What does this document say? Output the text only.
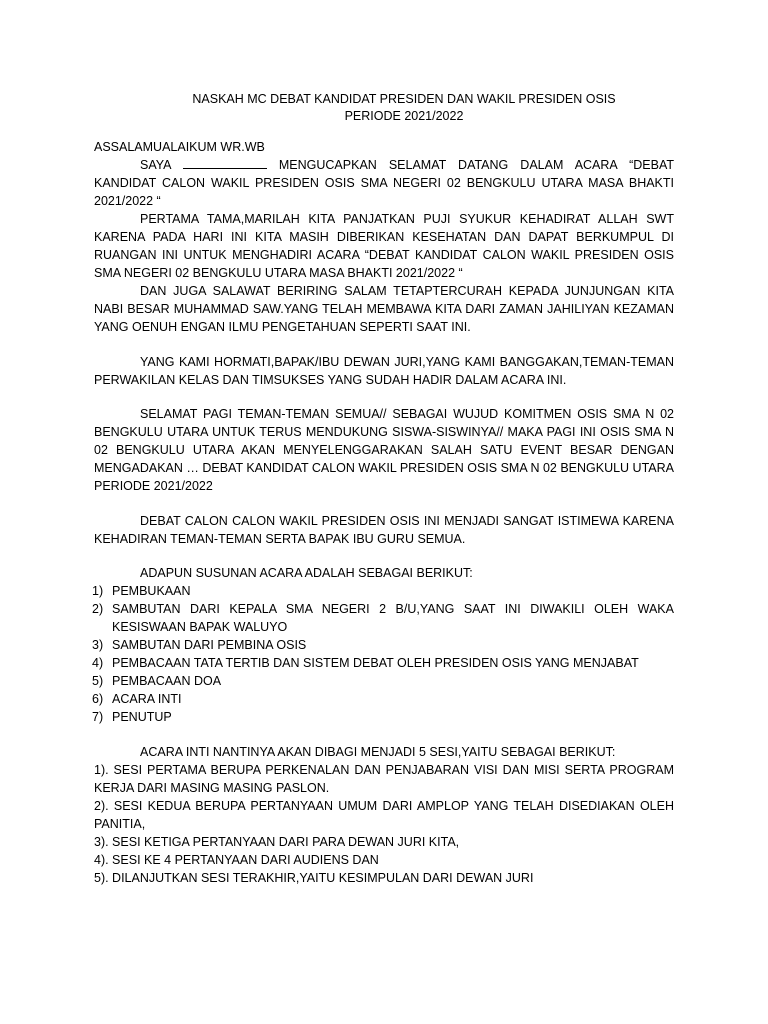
NASKAH MC DEBAT KANDIDAT PRESIDEN DAN WAKIL PRESIDEN OSIS
PERIODE 2021/2022

ASSALAMUALAIKUM WR.WB

SAYA	MENGUCAPKAN SELAMAT DATANG DALAM ACARA “DEBAT KANDIDAT CALON WAKIL PRESIDEN OSIS SMA NEGERI 02 BENGKULU UTARA MASA BHAKTI 2021/2022 “

PERTAMA TAMA,MARILAH KITA PANJATKAN PUJI SYUKUR KEHADIRAT ALLAH SWT KARENA PADA HARI INI KITA MASIH DIBERIKAN KESEHATAN DAN DAPAT BERKUMPUL DI RUANGAN INI UNTUK MENGHADIRI ACARA “DEBAT KANDIDAT CALON WAKIL PRESIDEN OSIS SMA NEGERI 02 BENGKULU UTARA MASA BHAKTI 2021/2022 “

DAN JUGA SALAWAT BERIRING SALAM TETAPTERCURAH KEPADA JUNJUNGAN KITA NABI BESAR MUHAMMAD SAW.YANG TELAH MEMBAWA KITA DARI ZAMAN JAHILIYAN KEZAMAN YANG OENUH ENGAN ILMU PENGETAHUAN SEPERTI SAAT INI.

YANG KAMI HORMATI,BAPAK/IBU DEWAN JURI,YANG KAMI BANGGAKAN,TEMAN-TEMAN PERWAKILAN KELAS DAN TIMSUKSES YANG SUDAH HADIR DALAM ACARA INI.

SELAMAT PAGI TEMAN-TEMAN SEMUA// SEBAGAI WUJUD KOMITMEN OSIS SMA N 02 BENGKULU UTARA UNTUK TERUS MENDUKUNG SISWA-SISWINYA// MAKA PAGI INI OSIS SMA N 02 BENGKULU UTARA AKAN MENYELENGGARAKAN SALAH SATU EVENT BESAR DENGAN MENGADAKAN … DEBAT KANDIDAT CALON WAKIL PRESIDEN OSIS SMA N 02 BENGKULU UTARA PERIODE 2021/2022

DEBAT CALON CALON WAKIL PRESIDEN OSIS INI MENJADI SANGAT ISTIMEWA KARENA KEHADIRAN TEMAN-TEMAN SERTA BAPAK IBU GURU SEMUA.

ADAPUN SUSUNAN ACARA ADALAH SEBAGAI BERIKUT:

1) PEMBUKAAN
2) SAMBUTAN DARI KEPALA SMA NEGERI 2 B/U,YANG SAAT INI DIWAKILI OLEH WAKA KESISWAAN BAPAK WALUYO
3) SAMBUTAN DARI PEMBINA OSIS
4) PEMBACAAN TATA TERTIB DAN SISTEM DEBAT OLEH PRESIDEN OSIS YANG MENJABAT
5) PEMBACAAN DOA
6) ACARA INTI
7) PENUTUP

ACARA INTI NANTINYA AKAN DIBAGI MENJADI 5 SESI,YAITU SEBAGAI BERIKUT:

1). SESI PERTAMA BERUPA PERKENALAN DAN PENJABARAN VISI DAN MISI SERTA PROGRAM KERJA DARI MASING MASING PASLON.

2). SESI KEDUA BERUPA PERTANYAAN UMUM DARI AMPLOP YANG TELAH DISEDIAKAN OLEH PANITIA,

3). SESI KETIGA PERTANYAAN DARI PARA DEWAN JURI KITA,

4). SESI KE 4 PERTANYAAN DARI AUDIENS DAN

5). DILANJUTKAN SESI TERAKHIR,YAITU KESIMPULAN DARI DEWAN JURI
